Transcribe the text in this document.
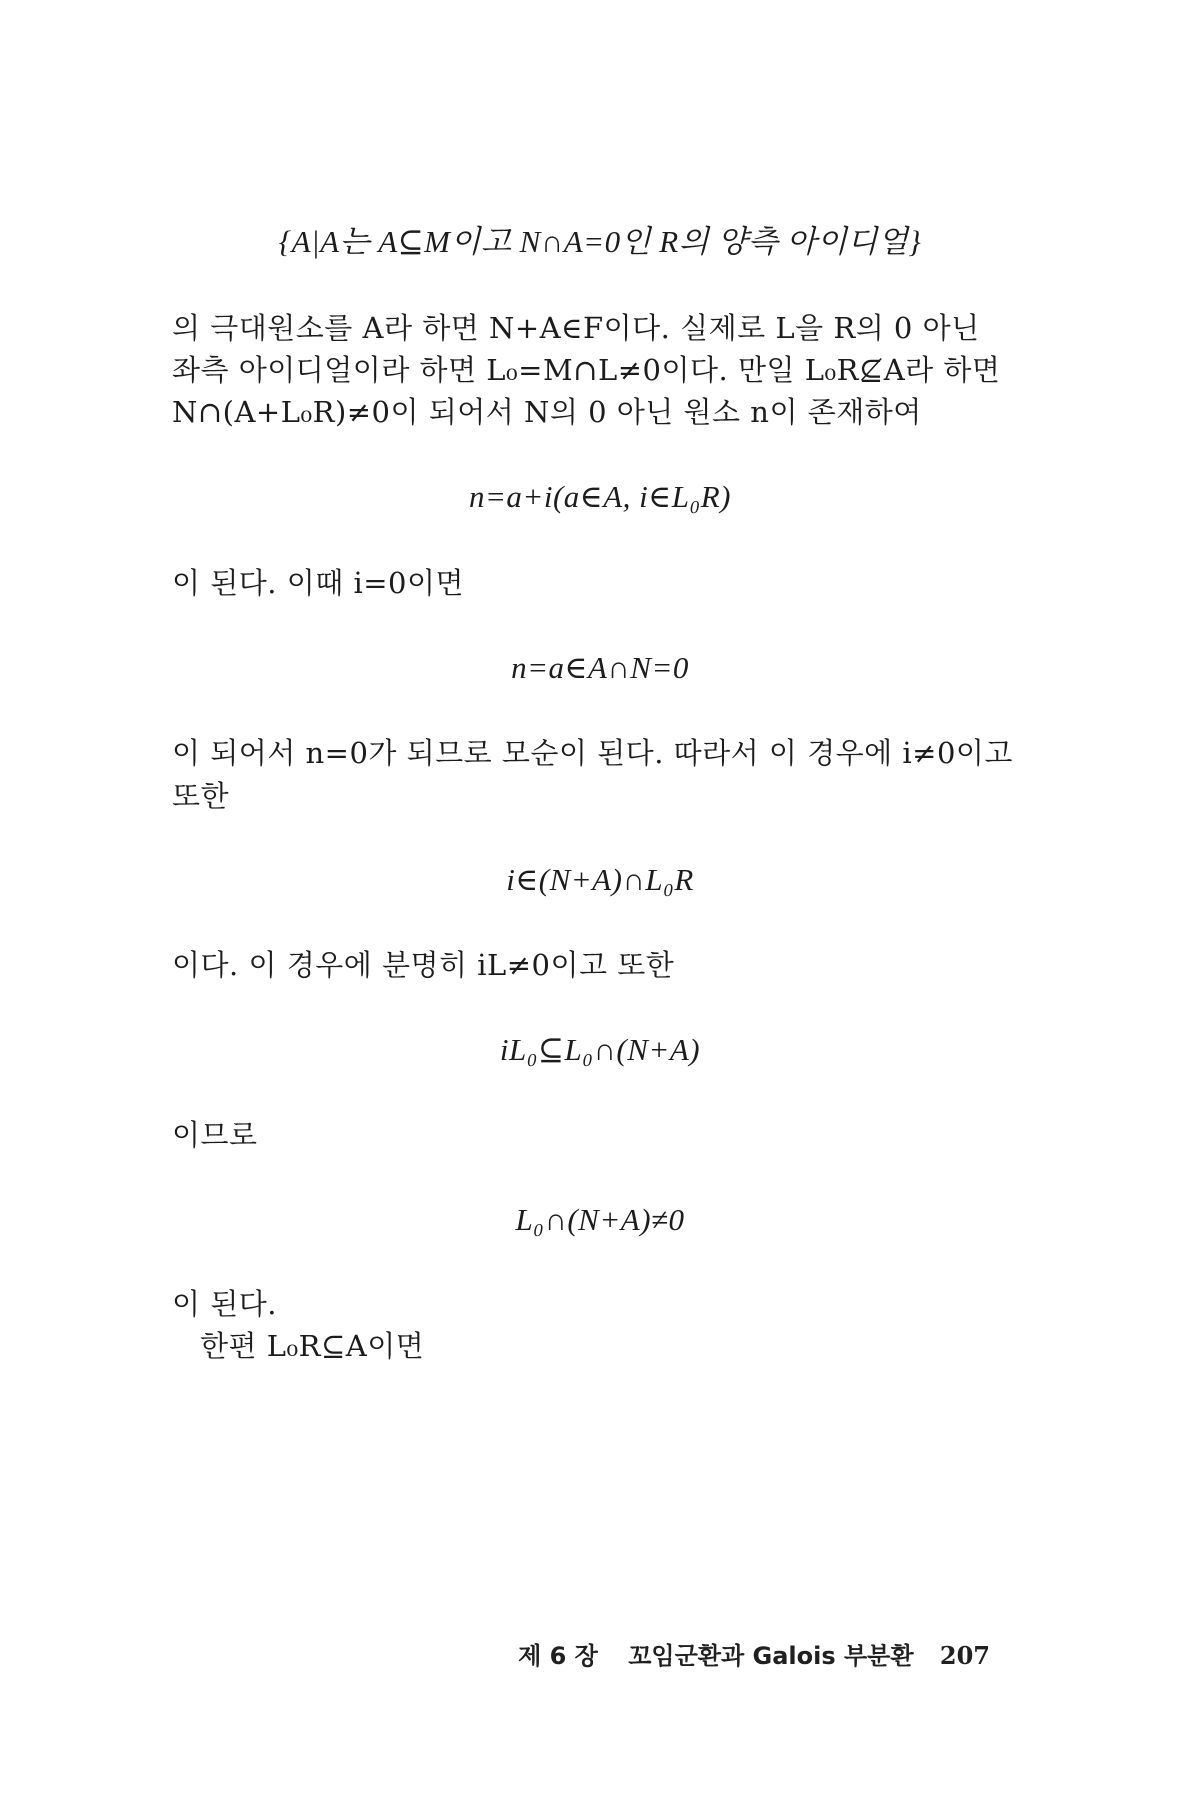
{A|A는 A⊆M이고 N∩A=0인 R의 양측 아이디얼}
의 극대원소를 A라 하면 N+A∈F이다. 실제로 L을 R의 0 아닌
좌측 아이디얼이라 하면 L₀=M∩L≠0이다. 만일 L₀R⊈A라 하면
N∩(A+L₀R)≠0이 되어서 N의 0 아닌 원소 n이 존재하여
n=a+i(a∈A, i∈L₀R)
이 된다. 이때 i=0이면
n=a∈A∩N=0
이 되어서 n=0가 되므로 모순이 된다. 따라서 이 경우에 i≠0이고
또한
i∈(N+A)∩L₀R
이다. 이 경우에 분명히 iL≠0이고 또한
iL₀⊆L₀∩(N+A)
이므로
L₀∩(N+A)≠0
이 된다.
한편 L₀R⊆A이면
제 6 장 꼬임군환과 Galois 부분환 207
